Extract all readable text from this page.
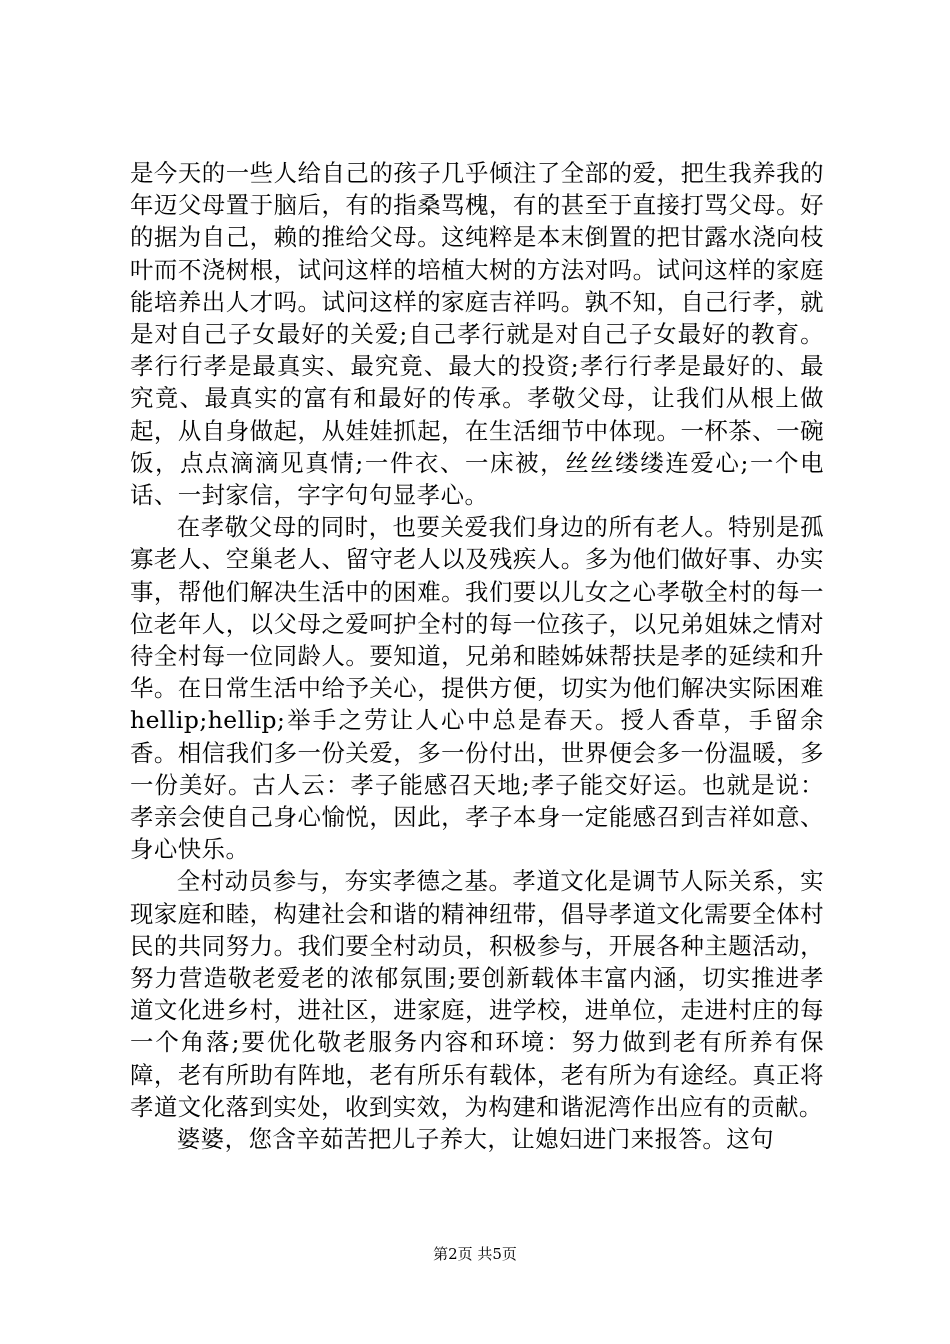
是今天的一些人给自己的孩子几乎倾注了全部的爱，把生我养我的年迈父母置于脑后，有的指桑骂槐，有的甚至于直接打骂父母。好的据为自己，赖的推给父母。这纯粹是本末倒置的把甘露水浇向枝叶而不浇树根，试问这样的培植大树的方法对吗。试问这样的家庭能培养出人才吗。试问这样的家庭吉祥吗。孰不知，自己行孝，就是对自己子女最好的关爱;自己孝行就是对自己子女最好的教育。孝行行孝是最真实、最究竟、最大的投资;孝行行孝是最好的、最究竟、最真实的富有和最好的传承。孝敬父母，让我们从根上做起，从自身做起，从娃娃抓起，在生活细节中体现。一杯茶、一碗饭，点点滴滴见真情;一件衣、一床被，丝丝缕缕连爱心;一个电话、一封家信，字字句句显孝心。

在孝敬父母的同时，也要关爱我们身边的所有老人。特别是孤寡老人、空巢老人、留守老人以及残疾人。多为他们做好事、办实事，帮他们解决生活中的困难。我们要以儿女之心孝敬全村的每一位老年人，以父母之爱呵护全村的每一位孩子，以兄弟姐妹之情对待全村每一位同龄人。要知道，兄弟和睦姊妹帮扶是孝的延续和升华。在日常生活中给予关心，提供方便，切实为他们解决实际困难hellip;hellip;举手之劳让人心中总是春天。授人香草，手留余香。相信我们多一份关爱，多一份付出，世界便会多一份温暖，多一份美好。古人云：孝子能感召天地;孝子能交好运。也就是说：孝亲会使自己身心愉悦，因此，孝子本身一定能感召到吉祥如意、身心快乐。

全村动员参与，夯实孝德之基。孝道文化是调节人际关系，实现家庭和睦，构建社会和谐的精神纽带，倡导孝道文化需要全体村民的共同努力。我们要全村动员，积极参与，开展各种主题活动，努力营造敬老爱老的浓郁氛围;要创新载体丰富内涵，切实推进孝道文化进乡村，进社区，进家庭，进学校，进单位，走进村庄的每一个角落;要优化敬老服务内容和环境：努力做到老有所养有保障，老有所助有阵地，老有所乐有载体，老有所为有途经。真正将孝道文化落到实处，收到实效，为构建和谐泥湾作出应有的贡献。

婆婆，您含辛茹苦把儿子养大，让媳妇进门来报答。这句

第2页 共5页
